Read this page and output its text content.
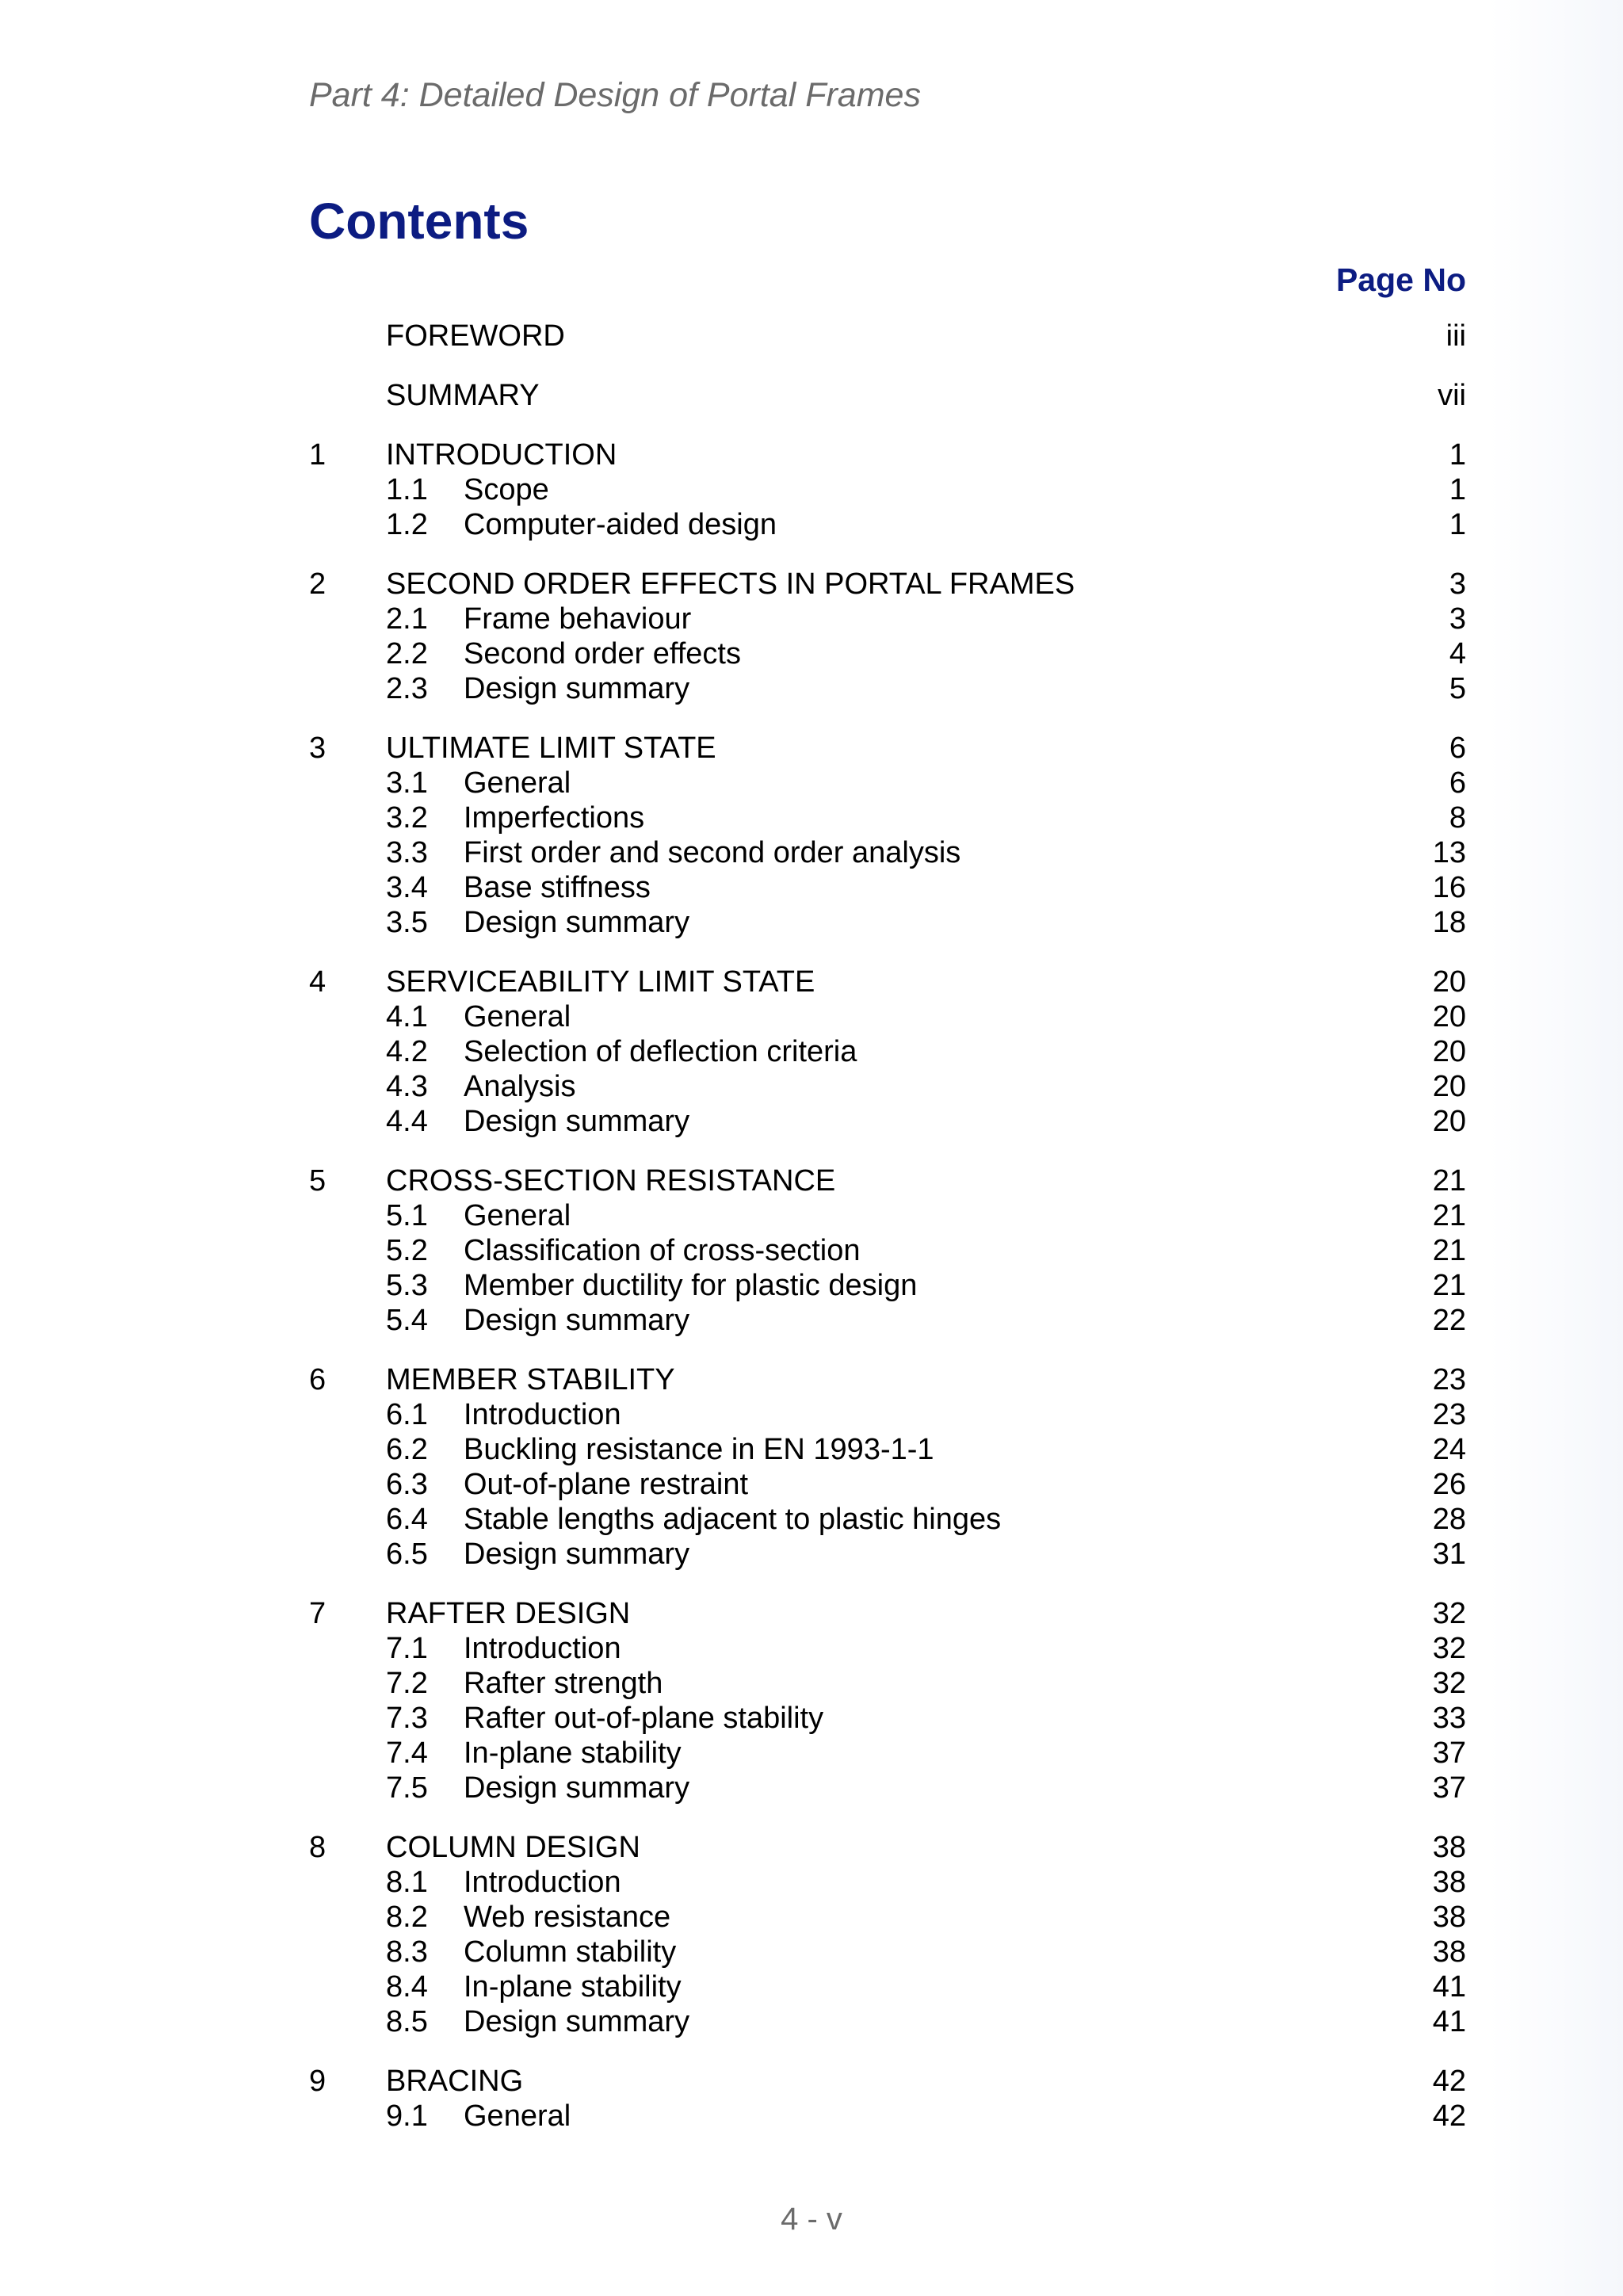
Part 4: Detailed Design of Portal Frames
Contents
Page No
FOREWORD	iii
SUMMARY	vii
1 INTRODUCTION	1
1.1 Scope	1
1.2 Computer-aided design	1
2 SECOND ORDER EFFECTS IN PORTAL FRAMES	3
2.1 Frame behaviour	3
2.2 Second order effects	4
2.3 Design summary	5
3 ULTIMATE LIMIT STATE	6
3.1 General	6
3.2 Imperfections	8
3.3 First order and second order analysis	13
3.4 Base stiffness	16
3.5 Design summary	18
4 SERVICEABILITY LIMIT STATE	20
4.1 General	20
4.2 Selection of deflection criteria	20
4.3 Analysis	20
4.4 Design summary	20
5 CROSS-SECTION RESISTANCE	21
5.1 General	21
5.2 Classification of cross-section	21
5.3 Member ductility for plastic design	21
5.4 Design summary	22
6 MEMBER STABILITY	23
6.1 Introduction	23
6.2 Buckling resistance in EN 1993-1-1	24
6.3 Out-of-plane restraint	26
6.4 Stable lengths adjacent to plastic hinges	28
6.5 Design summary	31
7 RAFTER DESIGN	32
7.1 Introduction	32
7.2 Rafter strength	32
7.3 Rafter out-of-plane stability	33
7.4 In-plane stability	37
7.5 Design summary	37
8 COLUMN DESIGN	38
8.1 Introduction	38
8.2 Web resistance	38
8.3 Column stability	38
8.4 In-plane stability	41
8.5 Design summary	41
9 BRACING	42
9.1 General	42
4 - v
